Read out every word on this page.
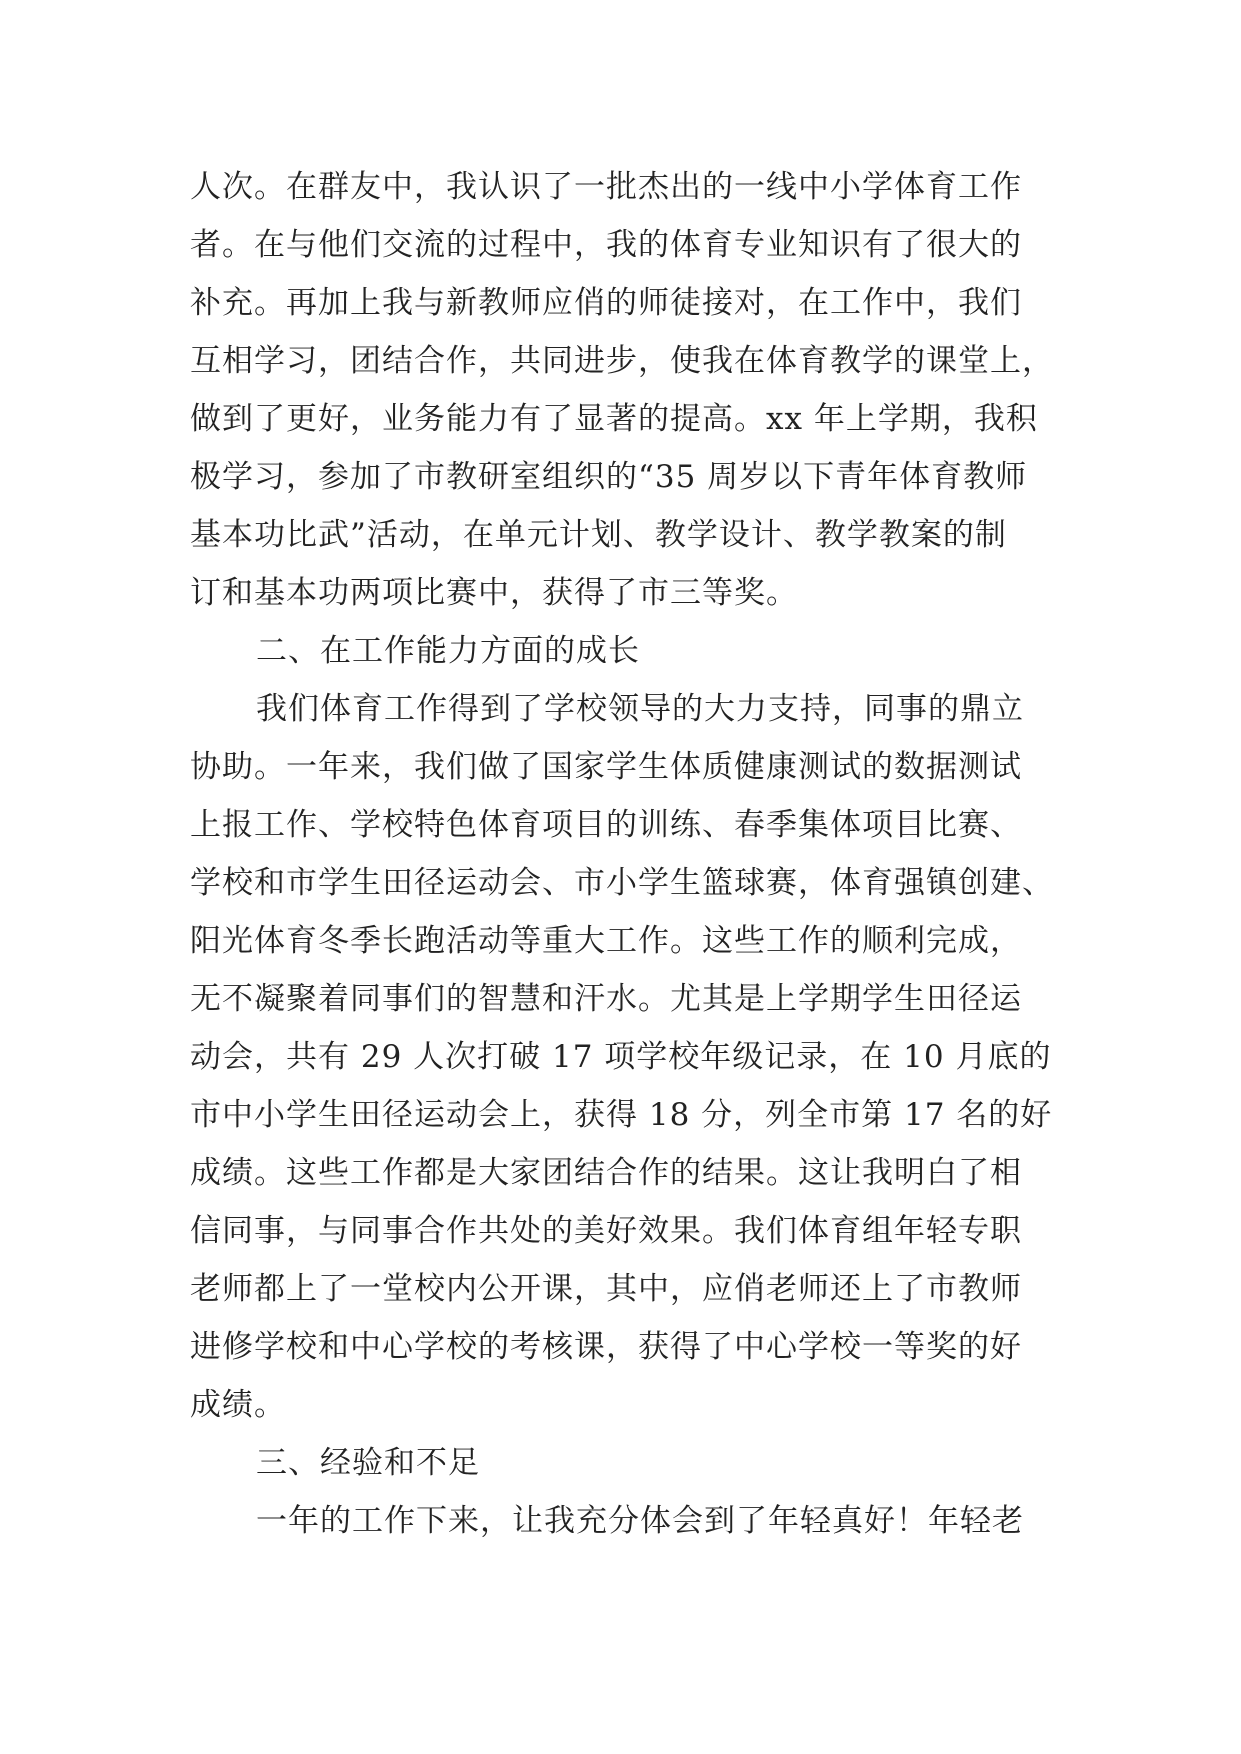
人次。在群友中，我认识了一批杰出的一线中小学体育工作
者。在与他们交流的过程中，我的体育专业知识有了很大的
补充。再加上我与新教师应俏的师徒接对，在工作中，我们
互相学习，团结合作，共同进步，使我在体育教学的课堂上，
做到了更好，业务能力有了显著的提高。xx 年上学期，我积
极学习，参加了市教研室组织的“35 周岁以下青年体育教师
基本功比武”活动，在单元计划、教学设计、教学教案的制
订和基本功两项比赛中，获得了市三等奖。
二、在工作能力方面的成长
我们体育工作得到了学校领导的大力支持，同事的鼎立
协助。一年来，我们做了国家学生体质健康测试的数据测试
上报工作、学校特色体育项目的训练、春季集体项目比赛、
学校和市学生田径运动会、市小学生篮球赛，体育强镇创建、
阳光体育冬季长跑活动等重大工作。这些工作的顺利完成，
无不凝聚着同事们的智慧和汗水。尤其是上学期学生田径运
动会，共有 29 人次打破 17 项学校年级记录，在 10 月底的
市中小学生田径运动会上，获得 18 分，列全市第 17 名的好
成绩。这些工作都是大家团结合作的结果。这让我明白了相
信同事，与同事合作共处的美好效果。我们体育组年轻专职
老师都上了一堂校内公开课，其中，应俏老师还上了市教师
进修学校和中心学校的考核课，获得了中心学校一等奖的好
成绩。
三、经验和不足
一年的工作下来，让我充分体会到了年轻真好！年轻老
